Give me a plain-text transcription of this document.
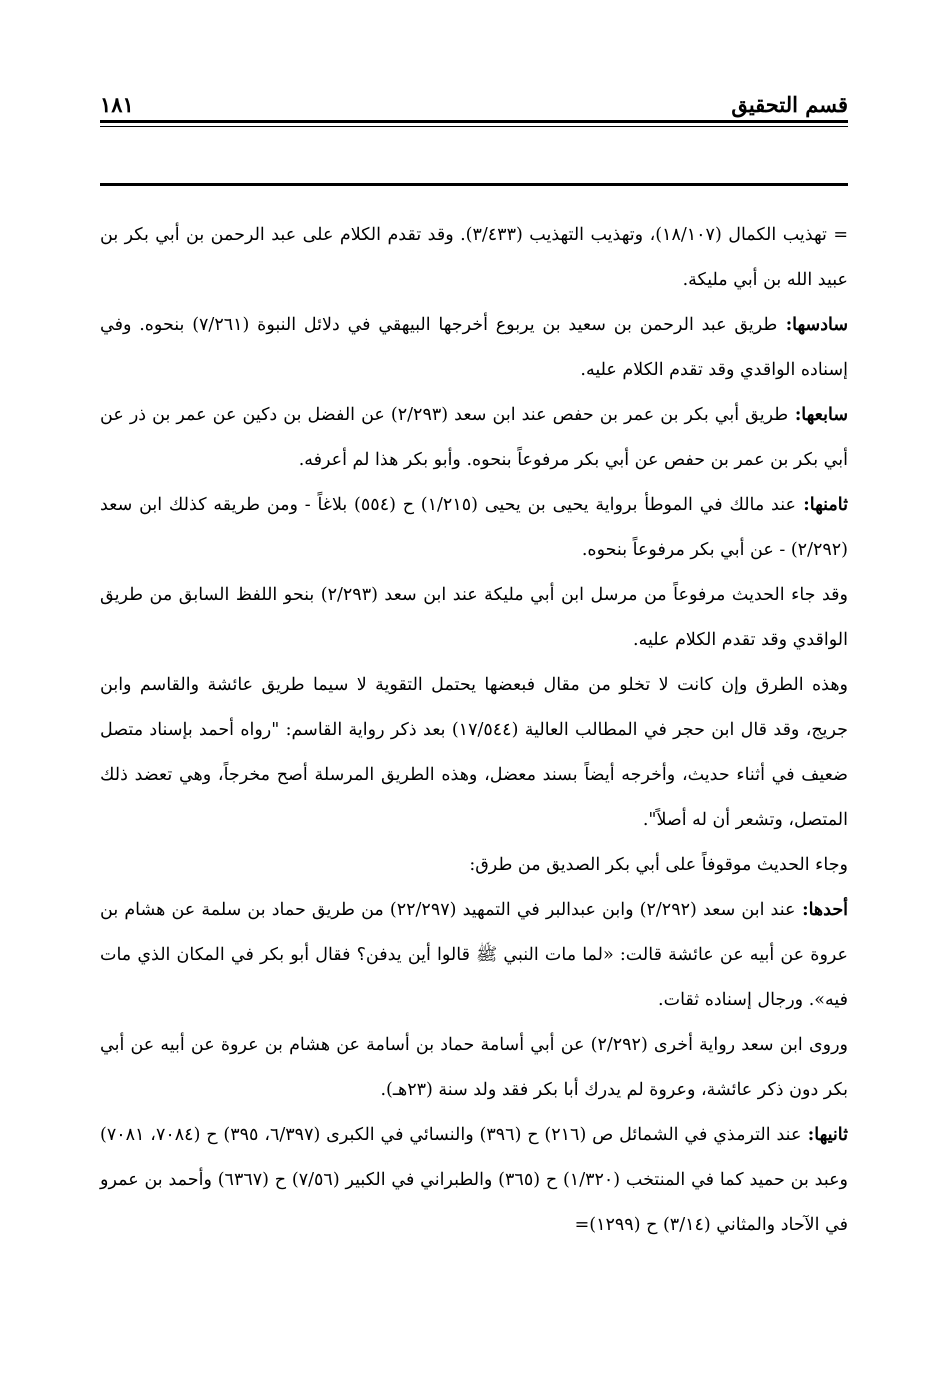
قسم التحقيق
١٨١

= تهذيب الكمال (١٨/١٠٧)، وتهذيب التهذيب (٣/٤٣٣). وقد تقدم الكلام على عبد الرحمن بن أبي بكر بن عبيد الله بن أبي مليكة.

سادسها: طريق عبد الرحمن بن سعيد بن يربوع أخرجها البيهقي في دلائل النبوة (٧/٢٦١) بنحوه. وفي إسناده الواقدي وقد تقدم الكلام عليه.

سابعها: طريق أبي بكر بن عمر بن حفص عند ابن سعد (٢/٢٩٣) عن الفضل بن دكين عن عمر بن ذر عن أبي بكر بن عمر بن حفص عن أبي بكر مرفوعاً بنحوه. وأبو بكر هذا لم أعرفه.

ثامنها: عند مالك في الموطأ برواية يحيى بن يحيى (١/٢١٥) ح (٥٥٤) بلاغاً - ومن طريقه كذلك ابن سعد (٢/٢٩٢) - عن أبي بكر مرفوعاً بنحوه.

وقد جاء الحديث مرفوعاً من مرسل ابن أبي مليكة عند ابن سعد (٢/٢٩٣) بنحو اللفظ السابق من طريق الواقدي وقد تقدم الكلام عليه.

وهذه الطرق وإن كانت لا تخلو من مقال فبعضها يحتمل التقوية لا سيما طريق عائشة والقاسم وابن جريج، وقد قال ابن حجر في المطالب العالية (١٧/٥٤٤) بعد ذكر رواية القاسم: "رواه أحمد بإسناد متصل ضعيف في أثناء حديث، وأخرجه أيضاً بسند معضل، وهذه الطريق المرسلة أصح مخرجاً، وهي تعضد ذلك المتصل، وتشعر أن له أصلاً".

وجاء الحديث موقوفاً على أبي بكر الصديق من طرق:

أحدها: عند ابن سعد (٢/٢٩٢) وابن عبدالبر في التمهيد (٢٢/٢٩٧) من طريق حماد بن سلمة عن هشام بن عروة عن أبيه عن عائشة قالت: «لما مات النبي ﷺ قالوا أين يدفن؟ فقال أبو بكر في المكان الذي مات فيه». ورجال إسناده ثقات.

وروى ابن سعد رواية أخرى (٢/٢٩٢) عن أبي أسامة حماد بن أسامة عن هشام بن عروة عن أبيه عن أبي بكر دون ذكر عائشة، وعروة لم يدرك أبا بكر فقد ولد سنة (٢٣هـ).

ثانيها: عند الترمذي في الشمائل ص (٢١٦) ح (٣٩٦) والنسائي في الكبرى (٦/٣٩٧، ٣٩٥) ح (٧٠٨٤، ٧٠٨١) وعبد بن حميد كما في المنتخب (١/٣٢٠) ح (٣٦٥) والطبراني في الكبير (٧/٥٦) ح (٦٣٦٧) وأحمد بن عمرو في الآحاد والمثاني (٣/١٤) ح (١٢٩٩)=
